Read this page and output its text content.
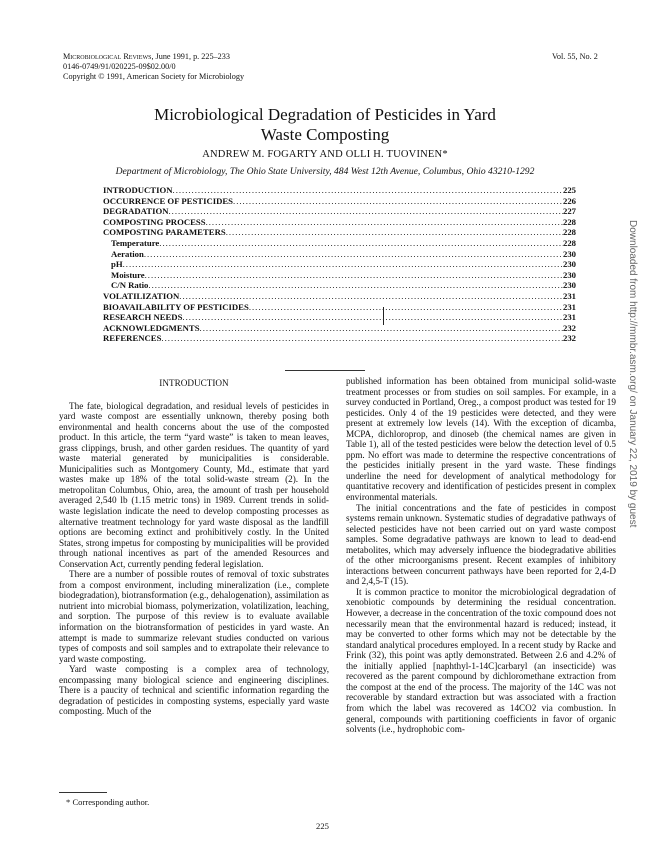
Microbiological Reviews, June 1991, p. 225–233
0146-0749/91/020225-09$02.00/0
Copyright © 1991, American Society for Microbiology
Vol. 55, No. 2
Microbiological Degradation of Pesticides in Yard
Waste Composting
ANDREW M. FOGARTY AND OLLI H. TUOVINEN*
Department of Microbiology, The Ohio State University, 484 West 12th Avenue, Columbus, Ohio 43210-1292
INTRODUCTION .....	225
OCCURRENCE OF PESTICIDES .....	226
DEGRADATION .....	227
COMPOSTING PROCESS .....	228
COMPOSTING PARAMETERS .....	228
Temperature .....	228
Aeration .....	230
pH .....	230
Moisture .....	230
C/N Ratio .....	230
VOLATILIZATION .....	231
BIOAVAILABILITY OF PESTICIDES .....	231
RESEARCH NEEDS .....	231
ACKNOWLEDGMENTS .....	232
REFERENCES .....	232

INTRODUCTION

The fate, biological degradation, and residual levels of pesticides in yard waste compost are essentially unknown, thereby posing both environmental and health concerns about the use of the composted product. In this article, the term “yard waste” is taken to mean leaves, grass clippings, brush, and other garden residues. The quantity of yard waste material generated by municipalities is considerable. Municipalities such as Montgomery County, Md., estimate that yard wastes make up 18% of the total solid-waste stream (2). In the metropolitan Columbus, Ohio, area, the amount of trash per household averaged 2,540 lb (1.15 metric tons) in 1989. Current trends in solid-waste legislation indicate the need to develop composting processes as alternative treatment technology for yard waste disposal as the landfill options are becoming extinct and prohibitively costly. In the United States, strong impetus for composting by municipalities will be provided through national incentives as part of the amended Resources and Conservation Act, currently pending federal legislation.

There are a number of possible routes of removal of toxic substrates from a compost environment, including mineralization (i.e., complete biodegradation), biotransformation (e.g., dehalogenation), assimilation as nutrient into microbial biomass, polymerization, volatilization, leaching, and sorption. The purpose of this review is to evaluate available information on the biotransformation of pesticides in yard waste. An attempt is made to summarize relevant studies conducted on various types of composts and soil samples and to extrapolate their relevance to yard waste composting.

Yard waste composting is a complex area of technology, encompassing many biological science and engineering disciplines. There is a paucity of technical and scientific information regarding the degradation of pesticides in composting systems, especially yard waste composting. Much of the

published information has been obtained from municipal solid-waste treatment processes or from studies on soil samples. For example, in a survey conducted in Portland, Oreg., a compost product was tested for 19 pesticides. Only 4 of the 19 pesticides were detected, and they were present at extremely low levels (14). With the exception of dicamba, MCPA, dichloroprop, and dinoseb (the chemical names are given in Table 1), all of the tested pesticides were below the detection level of 0.5 ppm. No effort was made to determine the respective concentrations of the pesticides initially present in the yard waste. These findings underline the need for development of analytical methodology for quantitative recovery and identification of pesticides present in complex environmental materials.

The initial concentrations and the fate of pesticides in compost systems remain unknown. Systematic studies of degradative pathways of selected pesticides have not been carried out on yard waste compost samples. Some degradative pathways are known to lead to dead-end metabolites, which may adversely influence the biodegradative abilities of the other microorganisms present. Recent examples of inhibitory interactions between concurrent pathways have been reported for 2,4-D and 2,4,5-T (15).

It is common practice to monitor the microbiological degradation of xenobiotic compounds by determining the residual concentration. However, a decrease in the concentration of the toxic compound does not necessarily mean that the environmental hazard is reduced; instead, it may be converted to other forms which may not be detectable by the standard analytical procedures employed. In a recent study by Racke and Frink (32), this point was aptly demonstrated. Between 2.6 and 4.2% of the initially applied [naphthyl-1-14C]carbaryl (an insecticide) was recovered as the parent compound by dichloromethane extraction from the compost at the end of the process. The majority of the 14C was not recoverable by standard extraction but was associated with a fraction from which the label was recovered as 14CO2 via combustion. In general, compounds with partitioning coefficients in favor of organic solvents (i.e., hydrophobic com-

* Corresponding author.
225
Downloaded from http://mmbr.asm.org/ on January 22, 2019 by guest
